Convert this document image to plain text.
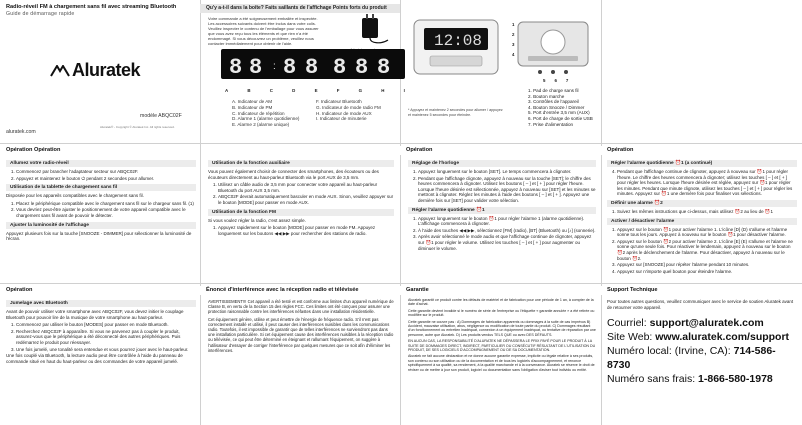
Radio-réveil FM à chargement sans fil avec streaming Bluetooth
Guide de démarrage rapide
Aluratek
modèle ABQC02F
Aluratek® - Copyright © Aluratek Inc. All rights reserved.
aluratek.com
Qu'y a-t-il dans la boîte? Faits saillants de l'affichage Points forts du produit
Votre commande a été soigneusement emballée et inspectée. Les accessoires suivants doivent être inclus dans votre colis. Veuillez inspecter le contenu de l'emballage pour vous assurer que vous avez reçu tous les éléments et que rien n'a été endommagé. Si vous découvrez un problème, veuillez nous contacter immédiatement pour obtenir de l'aide.
8 8 : 8 8 8 8 8
A	B	C	D	E	F	G	H	I
A. Indicateur de AM
B. Indicateur de PM
C. Indicateur de répétition
D. Alarme 1 (alarme quotidienne)
E. Alarme 2 (alarme unique)
F. Indicateur Bluetooth
G. Indicateur de mode radio FM
H. Indicateur de mode AUX
I. Indicateur de minuterie
12:08
1
2
3
4
5 6 7
* Appuyez et maintenez 2 secondes pour allumer / appuyez et maintenez 5 secondes pour éteindre.
1. Pad de charge sans fil
2. Bouton marche
3. Contrôles de l'appareil
4. Bouton Snooze / Dimmer
5. Port d'entrée 3,5 mm (AUX)
6. Port de charge de sortie USB
7. Prise d'alimentation
Opération Opération
Allumez votre radio-réveil
1. Commencez par brancher l'adaptateur secteur sur ABQC02F.
2. Appuyez et maintenez le bouton ⏻ pendant 2 secondes pour allumer.
Utilisation de la tablette de chargement sans fil
Disposée pour les appareils compatibles avec le chargement sans fil.
1. Placez le périphérique compatible avec le chargement sans fil sur le chargeur sans fil. (1)
2. Vous devriez peut-être ajuster le positionnement de votre appareil compatible avec le chargement sans fil avant de pouvoir le détecter.
Ajuster la luminosité de l'affichage
Appuyez plusieurs fois sur la touche [SNOOZE - DIMMER] pour sélectionner la luminosité de l'écran.
Utilisation de la fonction auxiliaire
Vous pouvez également choisir de connecter des smartphones, des écouteurs ou des écouteurs directement au haut-parleur Bluetooth via le port AUX de 3,5 mm.
1. Utilisez un câble audio de 3,5 mm pour connecter votre appareil au haut-parleur Bluetooth du port AUX 3,5 mm.
2. ABQC02F devrait automatiquement basculer en mode AUX. Sinon, veuillez appuyer sur le bouton [MODE] pour passer en mode AUX.
Utilisation de la fonction FM
Si vous voulez régler la radio, c'est assez simple.
1. Appuyez rapidement sur le bouton [MODE] pour passer en mode FM. Appuyez longuement sur les boutons ◀◀ ▶▶ pour rechercher des stations de radio.
Opération
Réglage de l'horloge
1. Appuyez longuement sur le bouton [SET]. Le temps commencera à clignoter.
2. Pendant que l'affichage clignote, appuyez à nouveau sur la touche [SET]; le chiffre des heures commencera à clignoter. Utilisez les boutons [ – ] et [ + ] pour régler l'heure. Lorsque l'heure désirée est sélectionnée, appuyez à nouveau sur [SET] et les minutes se mettront à clignoter. Réglez les minutes à l'aide des boutons [ – ] et [ + ]. Appuyez une dernière fois sur [SET] pour valider votre sélection.
Régler l'alarme quotidienne ⏰1
1. Appuyez longuement sur le bouton ⏰1 pour régler l'alarme 1 (alarme quotidienne). L'affichage commencera à clignoter.
2. À l'aide des touches ◀◀ ▶▶, sélectionnez [FM] (radio), [BT] (Bluetooth) ou [♪] (sonnerie).
3. Après avoir sélectionné le mode audio et que l'affichage continue de clignoter, appuyez sur ⏰1 pour régler le volume. Utilisez les touches [ – ] et [ + ] pour augmenter ou diminuer le volume.
Opération
Régler l'alarme quotidienne ⏰1 (a continué)
4. Pendant que l'affichage continue de clignoter, appuyez à nouveau sur ⏰1 pour régler l'heure. Le chiffre des heures commencera à clignoter; utilisez les touches [ – ] et [ + ] pour régler les heures. Lorsque l'heure désirée est réglée, appuyez sur ⏰1 pour régler les minutes. Pendant que minute clignote, utilisez les touches [ – ] et [ + ] pour régler les minutes. Appuyez sur ⏰1 une dernière fois pour finaliser vos sélections.
Définir une alarme ⏰2
1. Suivez les mêmes instructions que ci-dessus, mais utilisez ⏰2 au lieu de ⏰1
Activer / désactiver l'alarme
1. Appuyez sur le bouton ⏰1 pour activer l'alarme 1. L'icône [D] (D) s'allume et l'alarme sonne tous les jours. Appuyez à nouveau sur le bouton ⏰1 pour désactiver l'alarme.
2. Appuyez sur le bouton ⏰2 pour activer l'alarme 2. L'icône [E] (E) s'allume et l'alarme ne sonne qu'une seule fois. Pour réactiver le lendemain, appuyez à nouveau sur le bouton ⏰2 après le déclenchement de l'alarme. Pour désactiver, appuyez à nouveau sur le bouton ⏰2.
3. Appuyez sur [SNOOZE] pour répéter l'alarme pendant 10 minutes.
4. Appuyez sur n'importe quel bouton pour éteindre l'alarme.
Opération
Jumelage avec Bluetooth
Avant de pouvoir utiliser votre smartphone avec ABQC02F, vous devez initier le couplage Bluetooth pour pouvoir lire de la musique de votre smartphone au haut-parleur.
1. Commencez par utiliser le bouton [MODES] pour passer en mode Bluetooth.
2. Recherchez ABQC02F à apparaître. Si vous ne parvenez pas à coupler le produit, assurez-vous que le périphérique a été déconnecté des autres périphériques. Puis redémarrez le produit pour réessayer.
3. Une fois jumelé, une tonalité sera entendue et vous pourrez jouer avec le haut-parleur.
Une fois couplé via Bluetooth, la lecture audio peut être contrôlée à l'aide du panneau de commande situé en haut du haut-parleur ou des commandes de votre appareil jumelé.
Énoncé d'interférence avec la réception radio et télévisée
AVERTISSEMENT!!! Cet appareil a été testé et est conforme aux limites d'un appareil numérique de Classe B, en vertu de la Section 15 des règles FCC. Ces limites ont été conçues pour assurer une protection raisonnable contre les interférences néfastes dans une installation résidentielle.
Cet équipement génère, utilise et peut émettre de l'énergie de fréquence radio. S'il n'est pas correctement installé et utilisé, il peut causer des interférences nuisibles dans les communications radio. Toutefois, il est impossible de garantir que de telles interférences ne surviendront pas dans une installation particulière. Si cet équipement cause des interférences nuisibles à la réception radio ou télévisée, ce qui peut être déterminé en éteignant et rallumant l'équipement, on suggère à l'utilisateur d'essayer de corriger l'interférence par quelques mesures que ce soit afin d'éliminer les interférences.
Garantie
Aluratek garantit ce produit contre les défauts de matériel et de fabrication pour une période de 1 an, à compter de la date d'achat.
Cette garantie devient invalide si le numéro de série de l'entreprise ou l'étiquette « garantie annulée » a été retirée ou modifiée sur le produit.
Cette garantie ne couvre pas : A) Dommages de fabrication apparents ou dommages à la suite de cas imprévus B) Accident, mauvaise utilisation, abus, négligence ou modification de toute partie du produit. C) Dommages résultant d'un fonctionnement ou entretien inadéquat, connexion à un équipement inadéquat, ou tentative de réparation par une personne, autre que Aluratek. D) Les produits vendus TELS QUE ou avec DES DÉFAUTS.
EN AUCUN CAS, LA RESPONSABILITÉ D'ALURATEK NE DÉPASSERA LE PRIX PAYÉ POUR LE PRODUIT À LA SUITE DE DOMMAGES DIRECT, INDIRECT, PARTICULIER OU CONSÉCUTIF RÉSULTANT DE L'UTILISATION DU PRODUIT, DE SES LOGICIELS D'ACCOMPAGNEMENT OU DE SA DOCUMENTATION.
Aluratek ne fait aucune déclaration et ne donne aucune garantie expresse, implicite ou légale relative à ses produits, son contenu ou son utilisation ou de la documentation et de tous les logiciels d'accompagnement, et renonce spécifiquement à sa qualité, sa rendement, à la qualité marchande et à la convenance. Aluratek se réserve le droit de réviser ou de mettre à jour son produit, logiciel ou documentation sans l'obligation d'aviser tout individu ou entité.
Support Technique
Pour toutes autres questions, veuillez communiquer avec le service de soutien Aluratek avant de retourner votre appareil.
Courriel: support@aluratek.com
Site Web: www.aluratek.com/support
Numéro local: (Irvine, CA): 714-586-8730
Numéro sans frais: 1-866-580-1978
